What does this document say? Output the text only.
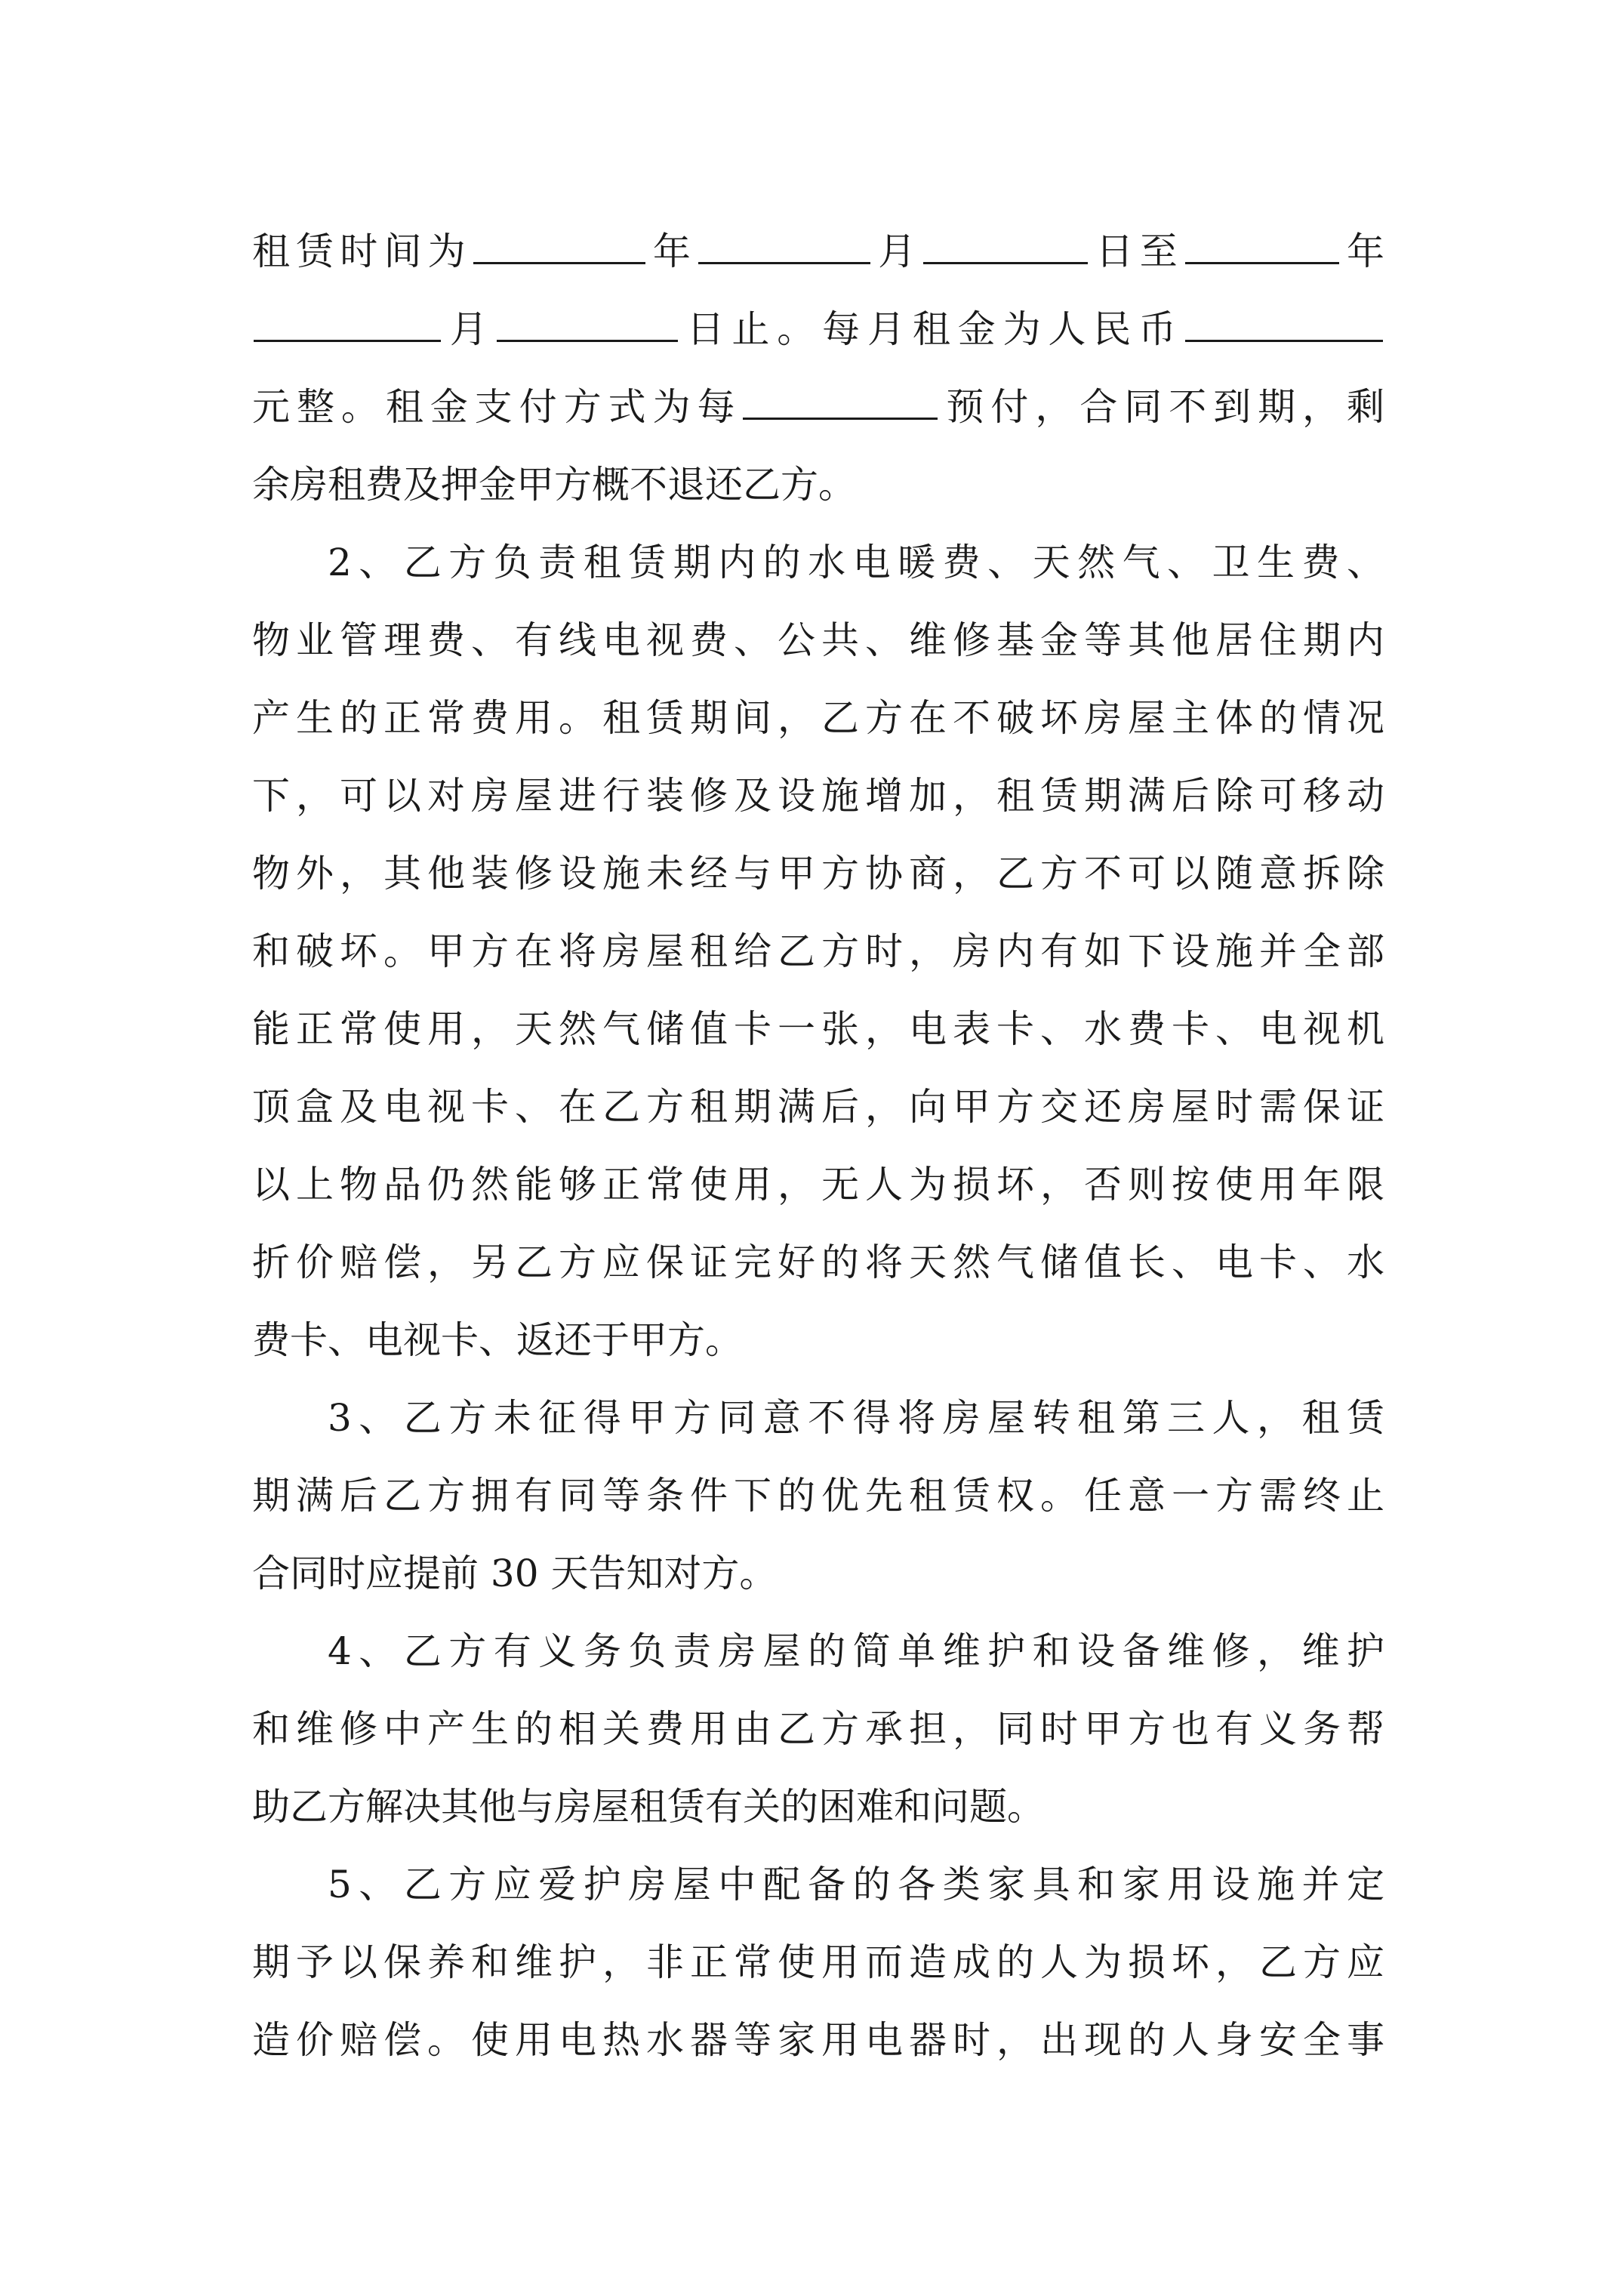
租赁时间为	年	月	日至	年
月	日止。每月租金为人民币
元整。租金支付方式为每	预付，合同不到期，剩
余房租费及押金甲方概不退还乙方。
2、乙方负责租赁期内的水电暖费、天然气、卫生费、
物业管理费、有线电视费、公共、维修基金等其他居住期内
产生的正常费用。租赁期间，乙方在不破坏房屋主体的情况
下，可以对房屋进行装修及设施增加，租赁期满后除可移动
物外，其他装修设施未经与甲方协商，乙方不可以随意拆除
和破坏。甲方在将房屋租给乙方时，房内有如下设施并全部
能正常使用，天然气储值卡一张，电表卡、水费卡、电视机
顶盒及电视卡、在乙方租期满后，向甲方交还房屋时需保证
以上物品仍然能够正常使用，无人为损坏，否则按使用年限
折价赔偿，另乙方应保证完好的将天然气储值长、电卡、水
费卡、电视卡、返还于甲方。
3、乙方未征得甲方同意不得将房屋转租第三人，租赁
期满后乙方拥有同等条件下的优先租赁权。任意一方需终止
合同时应提前 30 天告知对方。
4、乙方有义务负责房屋的简单维护和设备维修，维护
和维修中产生的相关费用由乙方承担，同时甲方也有义务帮
助乙方解决其他与房屋租赁有关的困难和问题。
5、乙方应爱护房屋中配备的各类家具和家用设施并定
期予以保养和维护，非正常使用而造成的人为损坏，乙方应
造价赔偿。使用电热水器等家用电器时，出现的人身安全事
